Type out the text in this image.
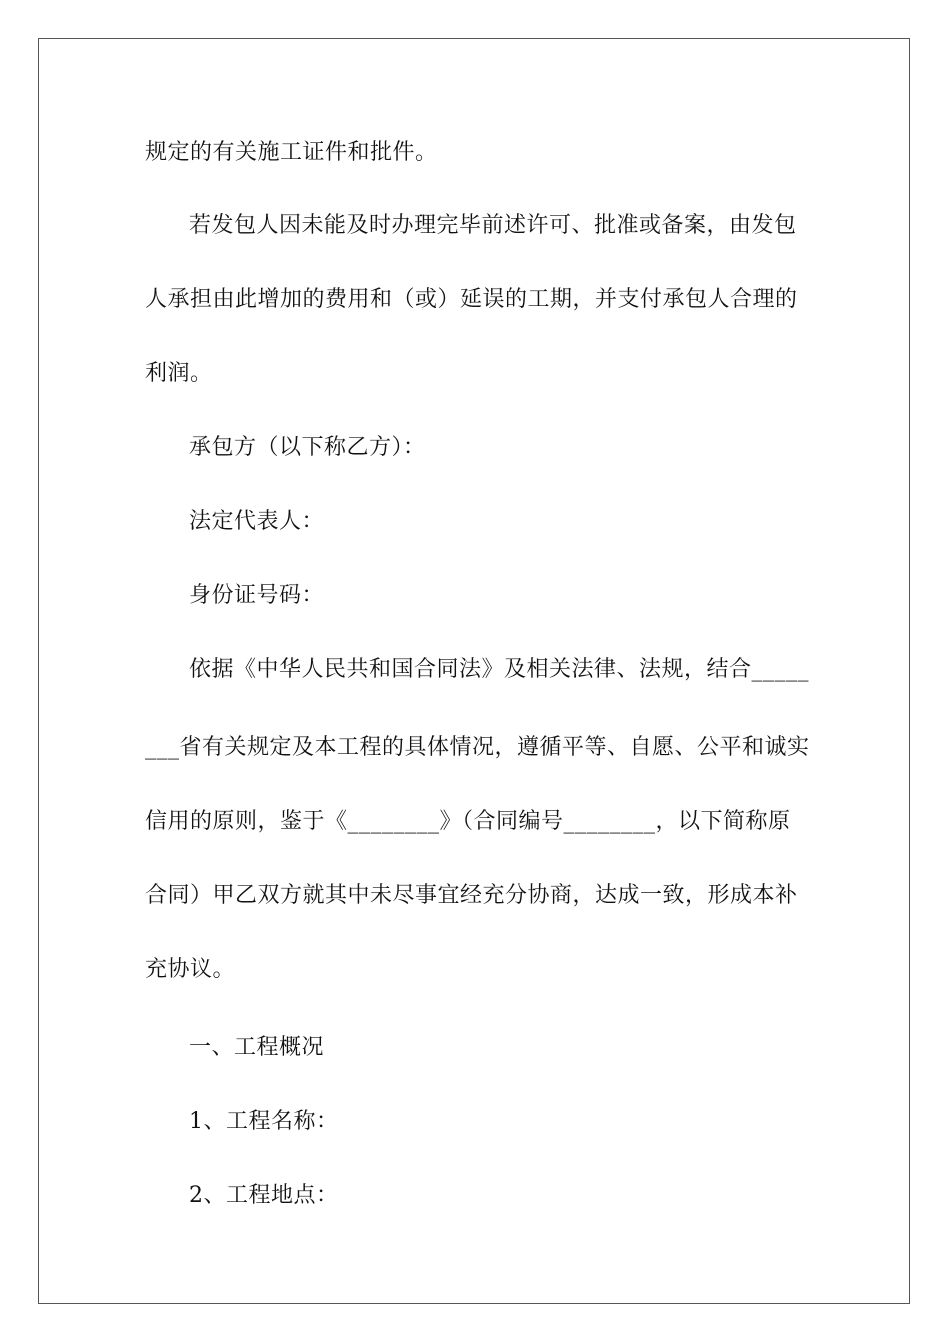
规定的有关施工证件和批件。
若发包人因未能及时办理完毕前述许可、批准或备案，由发包
人承担由此增加的费用和（或）延误的工期，并支付承包人合理的
利润。
承包方（以下称乙方）：
法定代表人：
身份证号码：
依据《中华人民共和国合同法》及相关法律、法规，结合_____
___省有关规定及本工程的具体情况，遵循平等、自愿、公平和诚实
信用的原则，鉴于《________》（合同编号________，以下简称原
合同）甲乙双方就其中未尽事宜经充分协商，达成一致，形成本补
充协议。
一、工程概况
1、工程名称：
2、工程地点：
